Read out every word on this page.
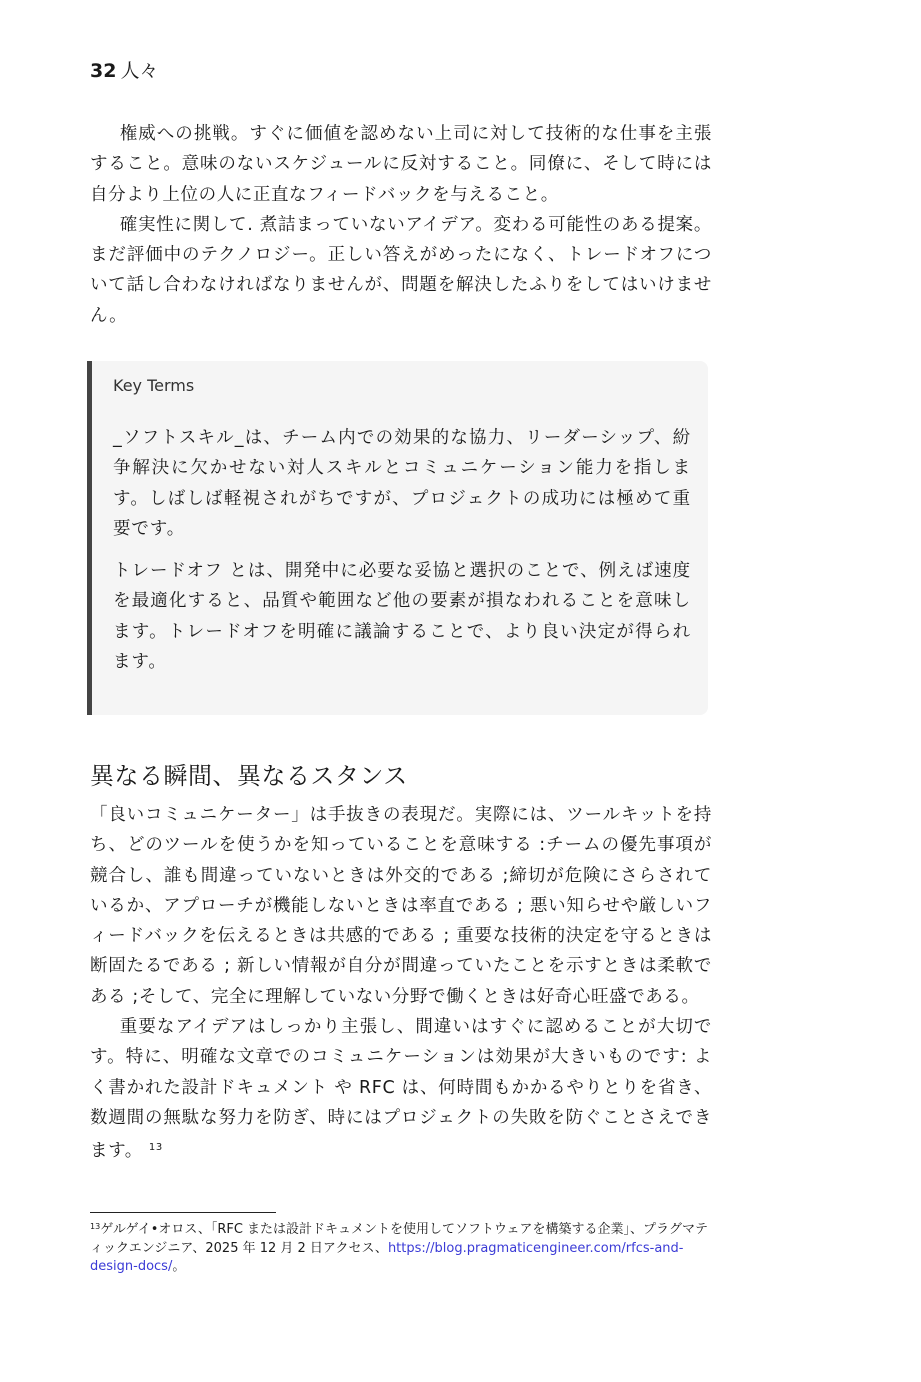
32 人々

権威への挑戦。すぐに価値を認めない上司に対して技術的な仕事を主張すること。意味のないスケジュールに反対すること。同僚に、そして時には自分より上位の人に正直なフィードバックを与えること。

確実性に関して. 煮詰まっていないアイデア。変わる可能性のある提案。まだ評価中のテクノロジー。正しい答えがめったになく、トレードオフについて話し合わなければなりませんが、問題を解決したふりをしてはいけません。

Key Terms

_ソフトスキル_は、チーム内での効果的な協力、リーダーシップ、紛争解決に欠かせない対人スキルとコミュニケーション能力を指します。しばしば軽視されがちですが、プロジェクトの成功には極めて重要です。

トレードオフ とは、開発中に必要な妥協と選択のことで、例えば速度を最適化すると、品質や範囲など他の要素が損なわれることを意味します。トレードオフを明確に議論することで、より良い決定が得られます。

異なる瞬間、異なるスタンス

「良いコミュニケーター」は手抜きの表現だ。実際には、ツールキットを持ち、どのツールを使うかを知っていることを意味する :チームの優先事項が競合し、誰も間違っていないときは外交的である ;締切が危険にさらされているか、アプローチが機能しないときは率直である ; 悪い知らせや厳しいフィードバックを伝えるときは共感的である ; 重要な技術的決定を守るときは断固たるである ; 新しい情報が自分が間違っていたことを示すときは柔軟である ;そして、完全に理解していない分野で働くときは好奇心旺盛である。

重要なアイデアはしっかり主張し、間違いはすぐに認めることが大切です。特に、明確な文章でのコミュニケーションは効果が大きいものです: よく書かれた設計ドキュメント や RFC は、何時間もかかるやりとりを省き、数週間の無駄な努力を防ぎ、時にはプロジェクトの失敗を防ぐことさえできます。 $^{13}$

$^{13}$ゲルゲイ•オロス、「RFC または設計ドキュメントを使用してソフトウェアを構築する企業」、プラグマティックエンジニア、2025 年 12 月 2 日アクセス、https://blog.pragmaticengineer.com/rfcs-and-design-docs/。
